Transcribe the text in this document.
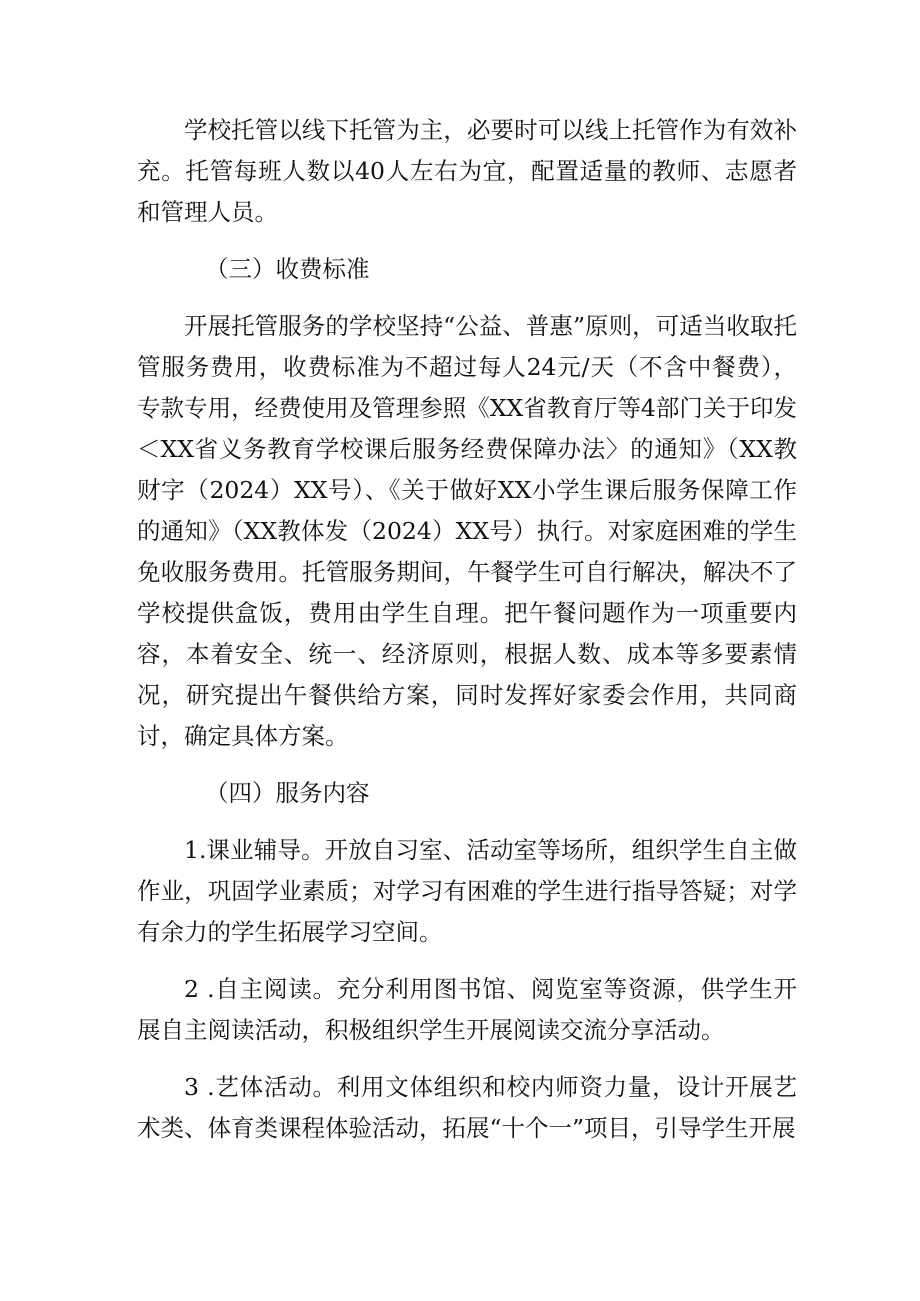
学校托管以线下托管为主，必要时可以线上托管作为有效补充。托管每班人数以40人左右为宜，配置适量的教师、志愿者和管理人员。

（三）收费标准

开展托管服务的学校坚持“公益、普惠”原则，可适当收取托管服务费用，收费标准为不超过每人24元/天（不含中餐费），专款专用，经费使用及管理参照《XX省教育厅等4部门关于印发＜XX省义务教育学校课后服务经费保障办法〉的通知》（XX教财字（2024）XX号）、《关于做好XX小学生课后服务保障工作的通知》（XX教体发（2024）XX号）执行。对家庭困难的学生免收服务费用。托管服务期间，午餐学生可自行解决，解决不了学校提供盒饭，费用由学生自理。把午餐问题作为一项重要内容，本着安全、统一、经济原则，根据人数、成本等多要素情况，研究提出午餐供给方案，同时发挥好家委会作用，共同商讨，确定具体方案。

（四）服务内容

1.课业辅导。开放自习室、活动室等场所，组织学生自主做作业，巩固学业素质；对学习有困难的学生进行指导答疑；对学有余力的学生拓展学习空间。

2 .自主阅读。充分利用图书馆、阅览室等资源，供学生开展自主阅读活动，积极组织学生开展阅读交流分享活动。

3 .艺体活动。利用文体组织和校内师资力量，设计开展艺术类、体育类课程体验活动，拓展“十个一”项目，引导学生开展
